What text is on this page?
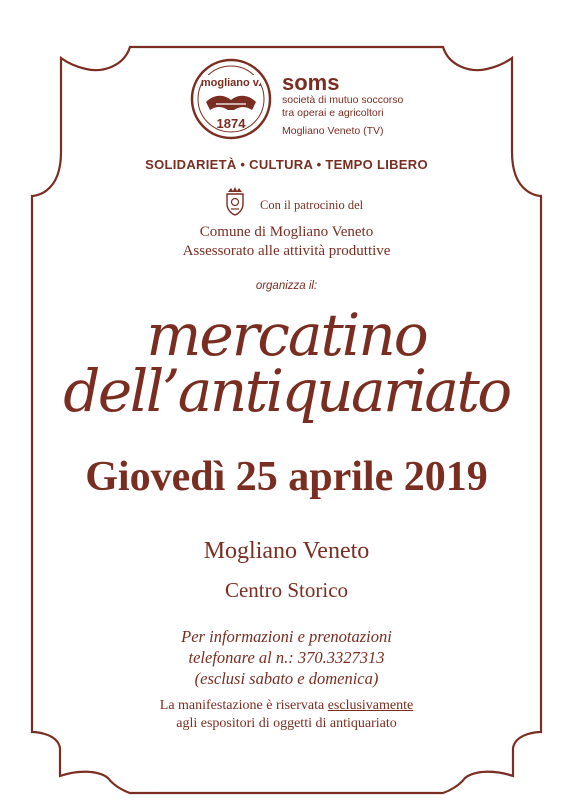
mogliano v.
1874
soms
società di mutuo soccorso
tra operai e agricoltori
Mogliano Veneto (TV)
SOLIDARIETÀ • CULTURA • TEMPO LIBERO
Con il patrocinio del
Comune di Mogliano Veneto
Assessorato alle attività produttive
organizza il:
mercatino
dell’antiquariato
Giovedì 25 aprile 2019
Mogliano Veneto
Centro Storico
Per informazioni e prenotazioni
telefonare al n.: 370.3327313
(esclusi sabato e domenica)
La manifestazione è riservata esclusivamente
agli espositori di oggetti di antiquariato
